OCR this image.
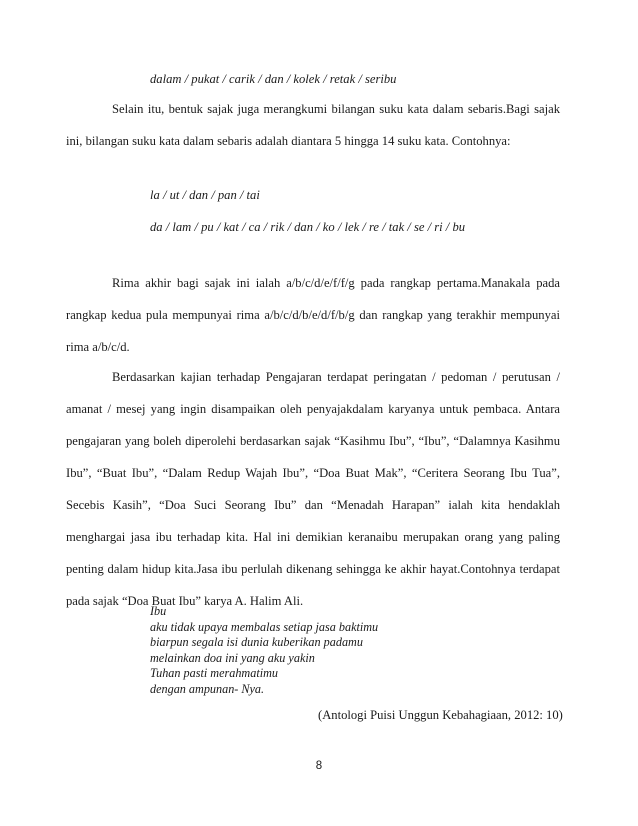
dalam / pukat / carik / dan / kolek / retak / seribu
Selain itu, bentuk sajak juga merangkumi bilangan suku kata dalam sebaris.Bagi sajak
ini, bilangan suku kata dalam sebaris adalah diantara 5 hingga 14 suku kata. Contohnya:
la / ut / dan / pan / tai
da / lam / pu / kat / ca / rik / dan / ko / lek / re / tak / se / ri / bu
Rima akhir bagi sajak ini ialah a/b/c/d/e/f/f/g pada rangkap pertama.Manakala pada
rangkap kedua pula mempunyai rima a/b/c/d/b/e/d/f/b/g dan rangkap yang terakhir mempunyai
rima a/b/c/d.
Berdasarkan kajian terhadap Pengajaran terdapat peringatan / pedoman / perutusan /
amanat / mesej yang ingin disampaikan oleh penyajakdalam karyanya untuk pembaca. Antara
pengajaran yang boleh diperolehi berdasarkan sajak “Kasihmu Ibu”, “Ibu”, “Dalamnya Kasihmu
Ibu”, “Buat Ibu”, “Dalam Redup Wajah Ibu”, “Doa Buat Mak”, “Ceritera Seorang Ibu Tua”,
Secebis Kasih”, “Doa Suci Seorang Ibu” dan “Menadah Harapan” ialah kita hendaklah
menghargai jasa ibu terhadap kita. Hal ini demikian keranaibu merupakan orang yang paling
penting dalam hidup kita.Jasa ibu perlulah dikenang sehingga ke akhir hayat.Contohnya terdapat
pada sajak “Doa Buat Ibu” karya A. Halim Ali.
Ibu
aku tidak upaya membalas setiap jasa baktimu
biarpun segala isi dunia kuberikan padamu
melainkan doa ini yang aku yakin
Tuhan pasti merahmatimu
dengan ampunan- Nya.
(Antologi Puisi Unggun Kebahagiaan, 2012: 10)
8
